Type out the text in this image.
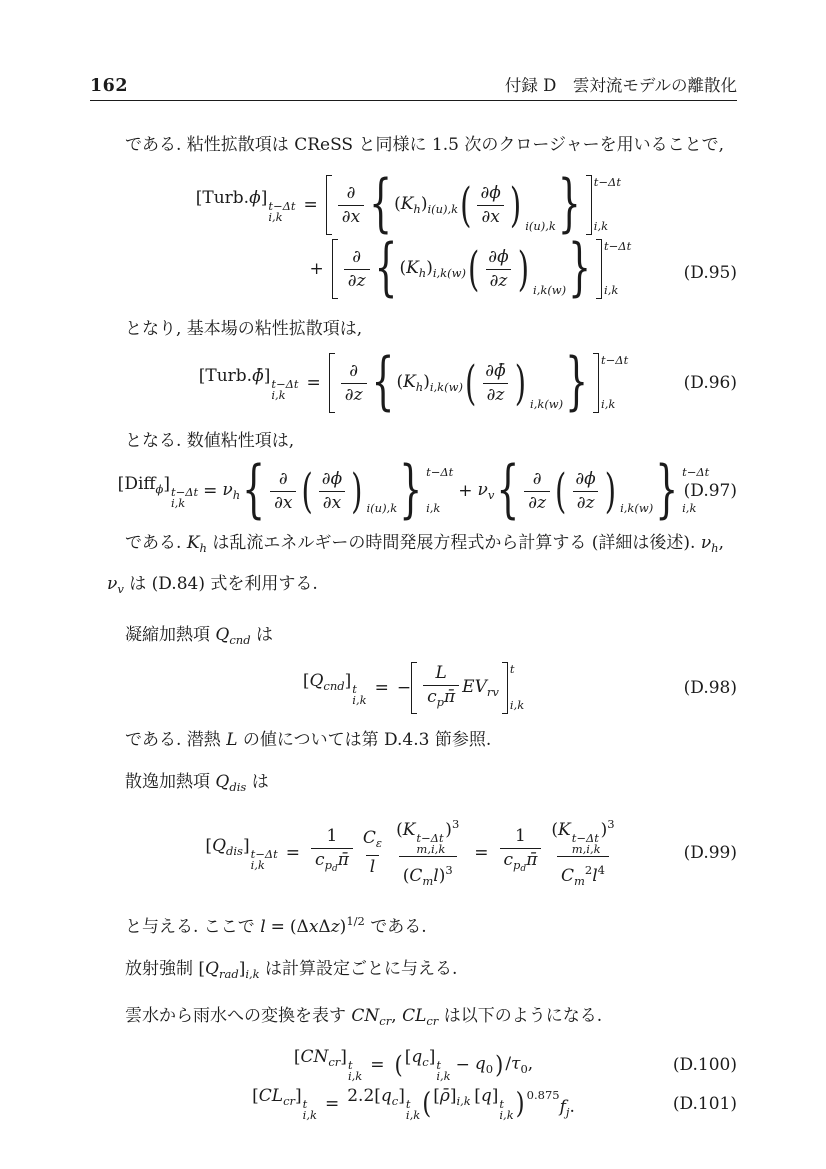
162	付録 D　雲対流モデルの離散化

である. 粘性拡散項は CReSS と同様に 1.5 次のクロージャーを用いることで,

[Turb.ϕ] t−Δt
i,k
= $\frac{\partial}{\partial x}$ { $(K_h)_{i(u),k}$ ( $\frac{\partial\phi}{\partial x}$ ) i(u),k } t−Δt
i,k
+ $\frac{\partial}{\partial z}$ { $(K_h)_{i,k(w)}$ ( $\frac{\partial\phi}{\partial z}$ ) i,k(w) } t−Δt
i,k
(D.95)

となり, 基本場の粘性拡散項は,

[Turb.ϕ̄] t−Δt
i,k
= $\frac{\partial}{\partial z}$ { $(K_h)_{i,k(w)}$ ( $\frac{\partial\phī}{\partial z}$ ) i,k(w) } t−Δt
i,k
(D.96)

となる. 数値粘性項は,

[Diff$_\phi$] t−Δt
i,k
= $\nu_h$ { $\frac{\partial}{\partial x}$ ( $\frac{\partial\phi}{\partial x}$ ) i(u),k } t−Δt
i,k
+ $\nu_v$ { $\frac{\partial}{\partial z}$ ( $\frac{\partial\phi}{\partial z}$ ) i,k(w) } t−Δt
i,k
(D.97)

である. $K_h$ は乱流エネルギーの時間発展方程式から計算する (詳細は後述). $\nu_h$, $\nu_v$ は (D.84) 式を利用する.

凝縮加熱項 $Q_{cnd}$ は

$[Q_{cnd}]$ t
i,k
= − $\frac{L}{c_p\pī} EV_{rv}$
t
i,k
(D.98)

である. 潜熱 L の値については第 D.4.3 節参照.

散逸加熱項 $Q_{dis}$ は

$[Q_{dis}]$ t−Δt
i,k
= $\frac{1}{c_{pd}\pī} \frac{C_\varepsilon}{l} (K$ t−Δt
m,i,k
)$^3$
$(C_ml)^3 = \frac{1}{c_{pd}\pī} (K$ t−Δt
m,i,k
)$^3$
$C_m^2l^4$	(D.99)

と与える. ここで $l = (\Delta x\Delta z)^{1/2}$ である.

放射強制 $[Q_{rad}]_{i,k}$ は計算設定ごとに与える.

雲水から雨水への変換を表す $CN_{cr}$, $CL_{cr}$ は以下のようになる.

$[CN_{cr}]$ t
i,k
= ( $[q_c]$ t
i,k
− $q_0$ ) $/\tau_0$,	(D.100)
$[CL_{cr}]$ t
i,k
= $2.2[q_c]$ t
i,k ( $[\rhō]_{i,k}$  [q] t
i,k ) $^{0.875}f_j$.	(D.101)
